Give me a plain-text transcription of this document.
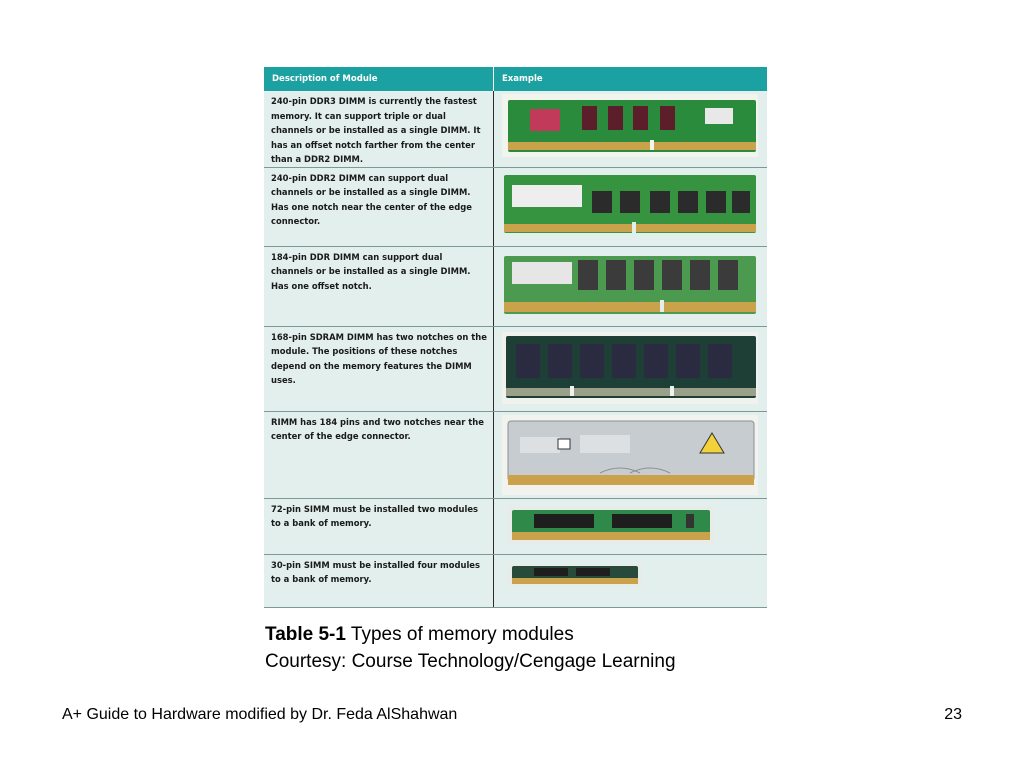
Description of Module	Example
240-pin DDR3 DIMM is currently the fastest memory. It can support triple or dual channels or be installed as a single DIMM. It has an offset notch farther from the center than a DDR2 DIMM.	

240-pin DDR2 DIMM can support dual channels or be installed as a single DIMM. Has one notch near the center of the edge connector.	

184-pin DDR DIMM can support dual channels or be installed as a single DIMM. Has one offset notch.	

168-pin SDRAM DIMM has two notches on the module. The positions of these notches depend on the memory features the DIMM uses.	

RIMM has 184 pins and two notches near the center of the edge connector.	

72-pin SIMM must be installed two modules to a bank of memory.	

30-pin SIMM must be installed four modules to a bank of memory.	
Table 5-1 Types of memory modules
Courtesy: Course Technology/Cengage Learning
A+ Guide to Hardware modified by Dr. Feda AlShahwan	23
